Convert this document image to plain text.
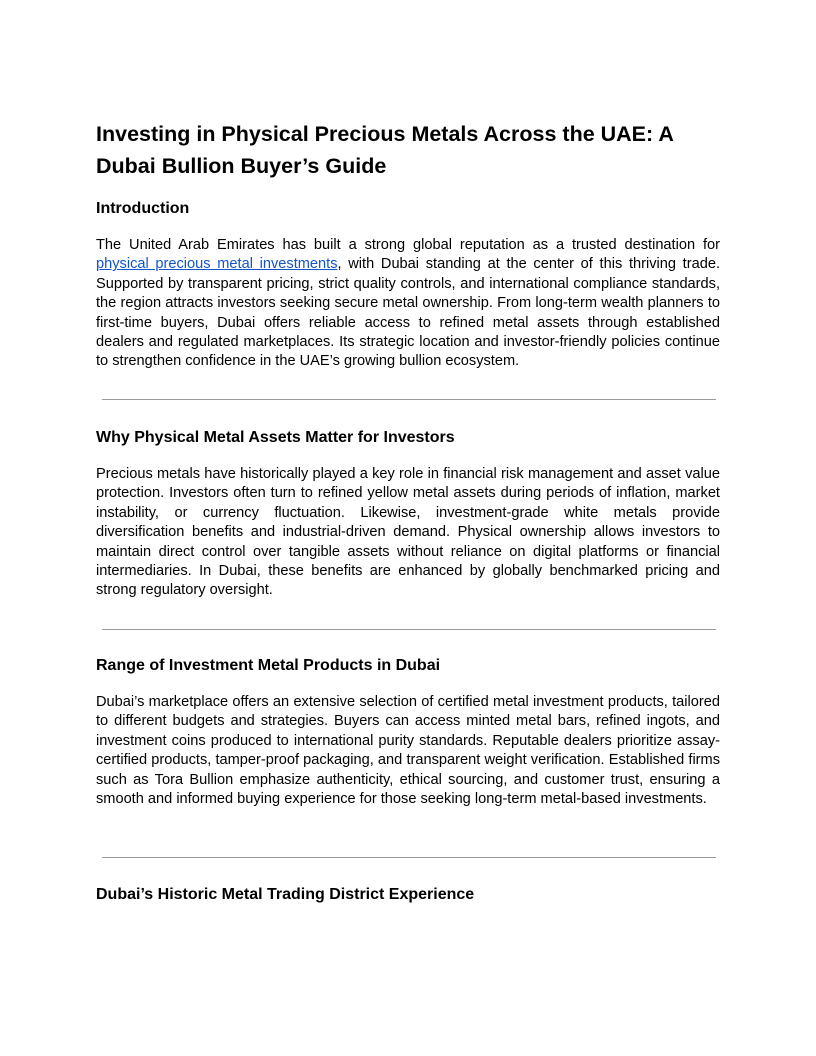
Investing in Physical Precious Metals Across the UAE: A Dubai Bullion Buyer’s Guide
Introduction

The United Arab Emirates has built a strong global reputation as a trusted destination for physical precious metal investments, with Dubai standing at the center of this thriving trade. Supported by transparent pricing, strict quality controls, and international compliance standards, the region attracts investors seeking secure metal ownership. From long-term wealth planners to first-time buyers, Dubai offers reliable access to refined metal assets through established dealers and regulated marketplaces. Its strategic location and investor-friendly policies continue to strengthen confidence in the UAE’s growing bullion ecosystem.

Why Physical Metal Assets Matter for Investors

Precious metals have historically played a key role in financial risk management and asset value protection. Investors often turn to refined yellow metal assets during periods of inflation, market instability, or currency fluctuation. Likewise, investment-grade white metals provide diversification benefits and industrial-driven demand. Physical ownership allows investors to maintain direct control over tangible assets without reliance on digital platforms or financial intermediaries. In Dubai, these benefits are enhanced by globally benchmarked pricing and strong regulatory oversight.

Range of Investment Metal Products in Dubai

Dubai’s marketplace offers an extensive selection of certified metal investment products, tailored to different budgets and strategies. Buyers can access minted metal bars, refined ingots, and investment coins produced to international purity standards. Reputable dealers prioritize assay-certified products, tamper-proof packaging, and transparent weight verification. Established firms such as Tora Bullion emphasize authenticity, ethical sourcing, and customer trust, ensuring a smooth and informed buying experience for those seeking long-term metal-based investments.

Dubai’s Historic Metal Trading District Experience
